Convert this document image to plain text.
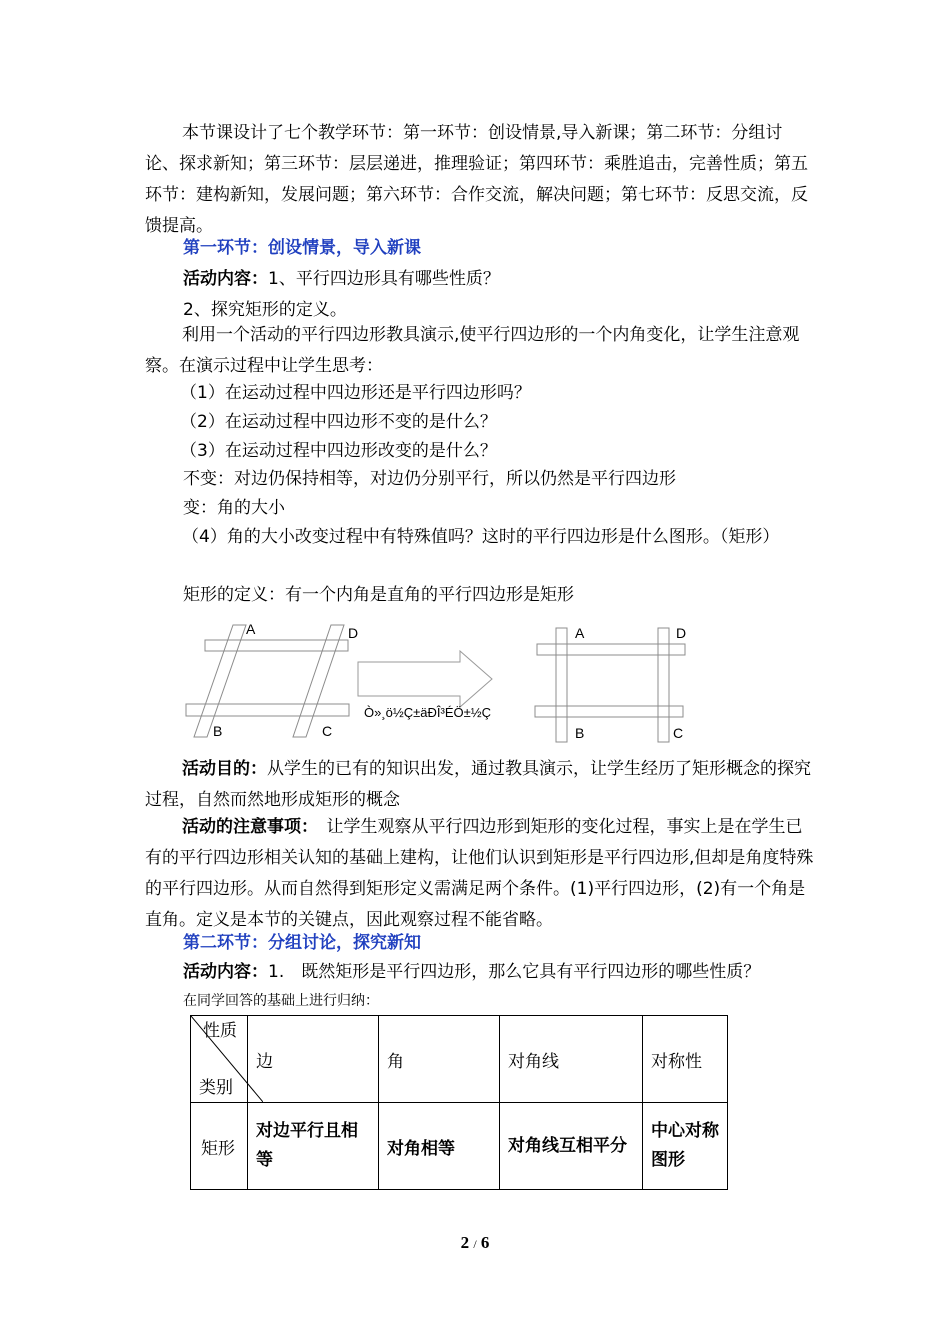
本节课设计了七个教学环节：第一环节：创设情景,导入新课；第二环节：分组讨论、探求新知；第三环节：层层递进，推理验证；第四环节：乘胜追击，完善性质；第五环节：建构新知，发展问题；第六环节：合作交流，解决问题；第七环节：反思交流，反馈提高。

第一环节：创设情景，导入新课
活动内容：1、平行四边形具有哪些性质？
2、探究矩形的定义。

利用一个活动的平行四边形教具演示,使平行四边形的一个内角变化，让学生注意观察。在演示过程中让学生思考：

（1）在运动过程中四边形还是平行四边形吗？
（2）在运动过程中四边形不变的是什么？
（3）在运动过程中四边形改变的是什么？
不变：对边仍保持相等，对边仍分别平行，所以仍然是平行四边形
变：角的大小

（4）角的大小改变过程中有特殊值吗？这时的平行四边形是什么图形。（矩形）

矩形的定义：有一个内角是直角的平行四边形是矩形
A	D
B	C
Ò»¸ö½Ç±äÐÎ³ÉÖ±½Ç
A	D
B	C

活动目的：从学生的已有的知识出发，通过教具演示，让学生经历了矩形概念的探究过程，自然而然地形成矩形的概念

活动的注意事项：　让学生观察从平行四边形到矩形的变化过程，事实上是在学生已有的平行四边形相关认知的基础上建构，让他们认识到矩形是平行四边形,但却是角度特殊的平行四边形。从而自然得到矩形定义需满足两个条件。(1)平行四边形，(2)有一个角是直角。定义是本节的关键点，因此观察过程不能省略。

第二环节：分组讨论，探究新知
活动内容：1.　既然矩形是平行四边形，那么它具有平行四边形的哪些性质？
在同学回答的基础上进行归纳：
性质
类别	边	角	对角线	对称性
矩形	对边平行且相等	对角相等	对角线互相平分	中心对称图形
2 / 6
